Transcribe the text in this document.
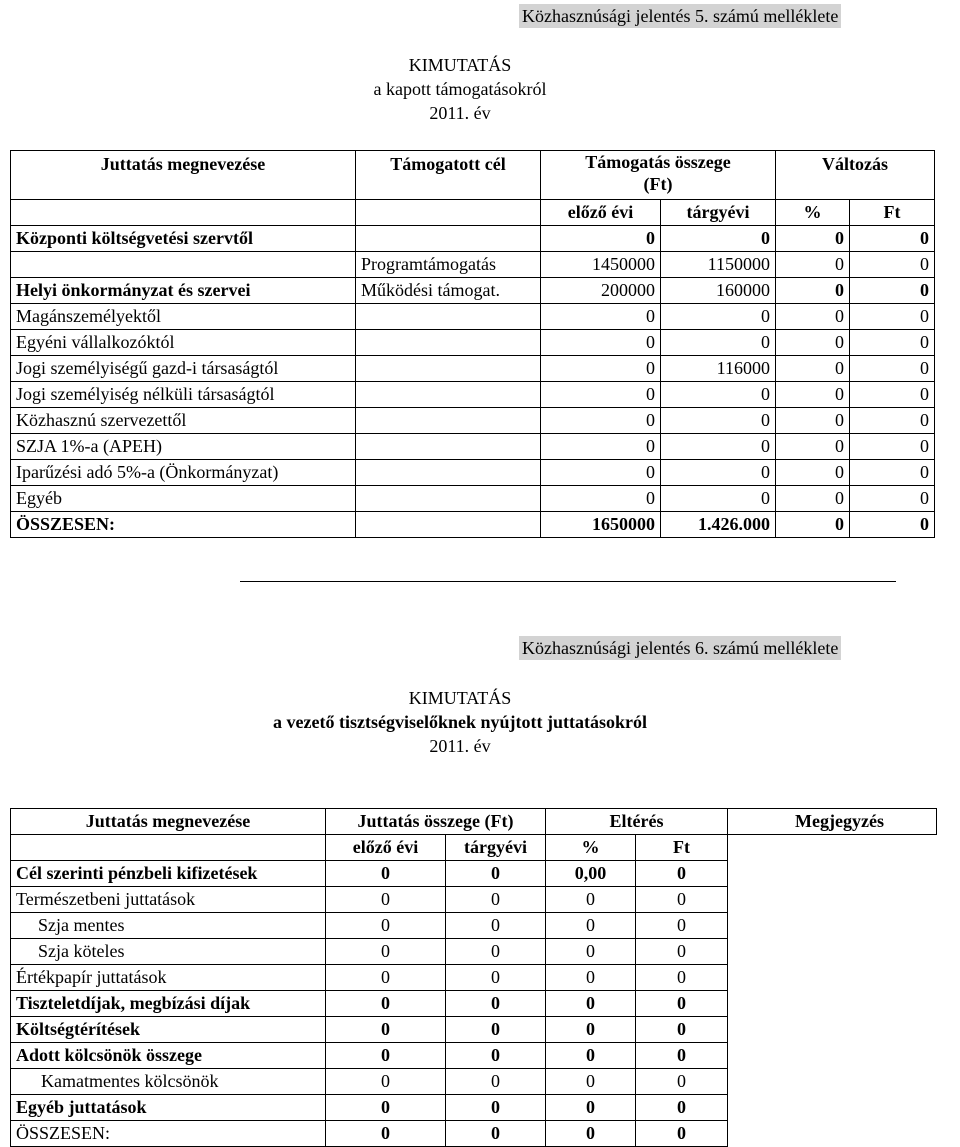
Közhasznúsági jelentés 5. számú melléklete
KIMUTATÁS
a kapott támogatásokról
2011. év
Juttatás megnevezése	Támogatott cél	Támogatás összege (Ft)		Változás	
		előző évi	tárgyévi	%	Ft
Központi költségvetési szervtől		0	0	0	0
	Programtámogatás	1450000	1150000	0	0
Helyi önkormányzat és szervei	Működési támogat.	200000	160000	0	0
Magánszemélyektől		0	0	0	0
Egyéni vállalkozóktól		0	0	0	0
Jogi személyiségű gazd-i társaságtól		0	116000	0	0
Jogi személyiség nélküli társaságtól		0	0	0	0
Közhasznú szervezettől		0	0	0	0
SZJA 1%-a (APEH)		0	0	0	0
Iparűzési adó 5%-a (Önkormányzat)		0	0	0	0
Egyéb		0	0	0	0
ÖSSZESEN:		1650000	1.426.000	0	0
Közhasznúsági jelentés 6. számú melléklete
KIMUTATÁS
a vezető tisztségviselőknek nyújtott juttatásokról
2011. év
Juttatás megnevezése	Juttatás összege (Ft)		Eltérés		Megjegyzés
	előző évi	tárgyévi	%	Ft	
Cél szerinti pénzbeli kifizetések	0	0	0,00	0	
Természetbeni juttatások	0	0	0	0	
Szja mentes	0	0	0	0	
Szja köteles	0	0	0	0	
Értékpapír juttatások	0	0	0	0	
Tiszteletdíjak, megbízási díjak	0	0	0	0	
Költségtérítések	0	0	0	0	
Adott kölcsönök összege	0	0	0	0	
Kamatmentes kölcsönök	0	0	0	0	
Egyéb juttatások	0	0	0	0	
ÖSSZESEN:	0	0	0	0	
